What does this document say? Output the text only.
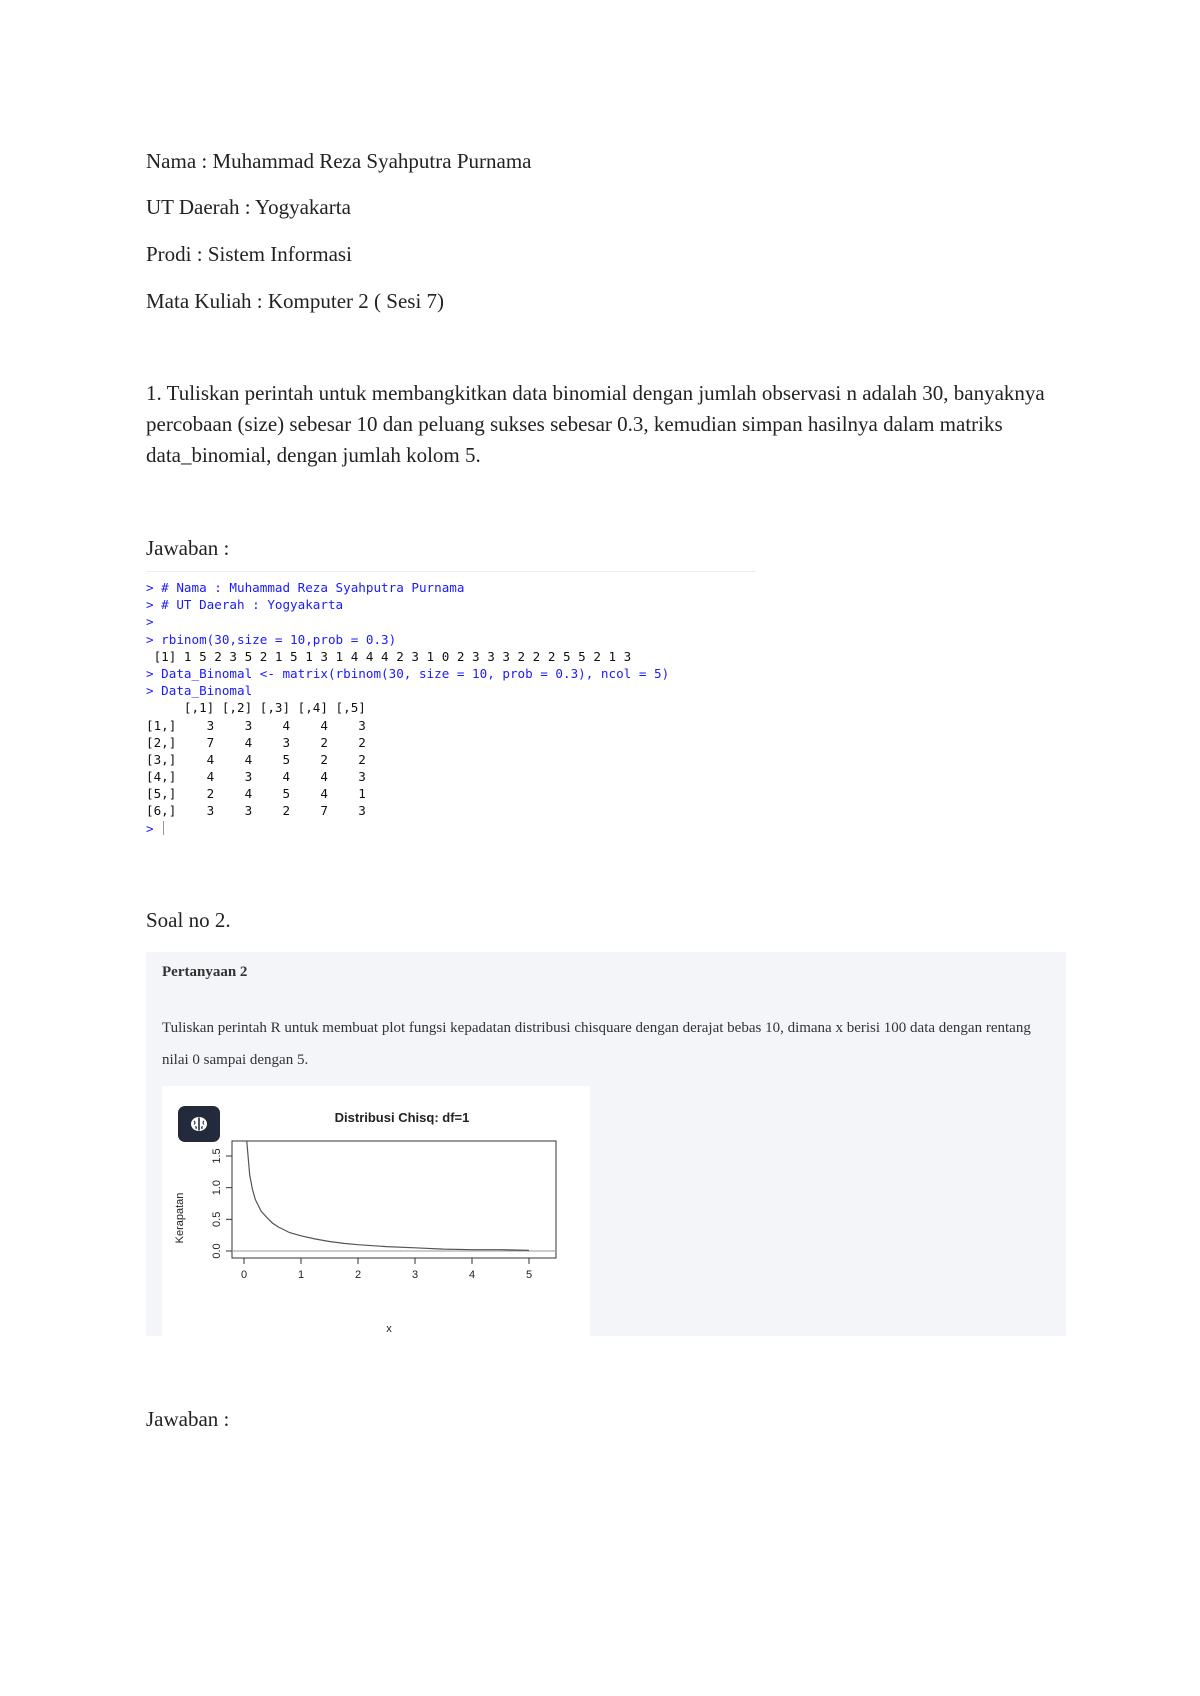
Nama : Muhammad Reza Syahputra Purnama

UT Daerah : Yogyakarta

Prodi : Sistem Informasi

Mata Kuliah : Komputer 2 ( Sesi 7)

1. Tuliskan perintah untuk membangkitkan data binomial dengan jumlah observasi n adalah 30, banyaknya percobaan (size) sebesar 10 dan peluang sukses sebesar 0.3, kemudian simpan hasilnya dalam matriks data_binomial, dengan jumlah kolom 5.

Jawaban :

> # Nama : Muhammad Reza Syahputra Purnama
> # UT Daerah : Yogyakarta
>
> rbinom(30,size = 10,prob = 0.3)
[1] 1 5 2 3 5 2 1 5 1 3 1 4 4 4 2 3 1 0 2 3 3 3 2 2 2 5 5 2 1 3
> Data_Binomal <- matrix(rbinom(30, size = 10, prob = 0.3), ncol = 5)
> Data_Binomal
[,1] [,2] [,3] [,4] [,5]
[1,]    3    3    4    4    3
[2,]    7    4    3    2    2
[3,]    4    4    5    2    2
[4,]    4    3    4    4    3
[5,]    2    4    5    4    1
[6,]    3    3    2    7    3
>

Soal no 2.

Pertanyaan 2
Tuliskan perintah R untuk membuat plot fungsi kepadatan distribusi chisquare dengan derajat bebas 10, dimana x berisi 100 data dengan rentang nilai 0 sampai dengan 5.
Distribusi Chisq: df=1
x
Kerapatan
0	1	2	3	4	5
0.0
0.5
1.0
1.5

Jawaban :
